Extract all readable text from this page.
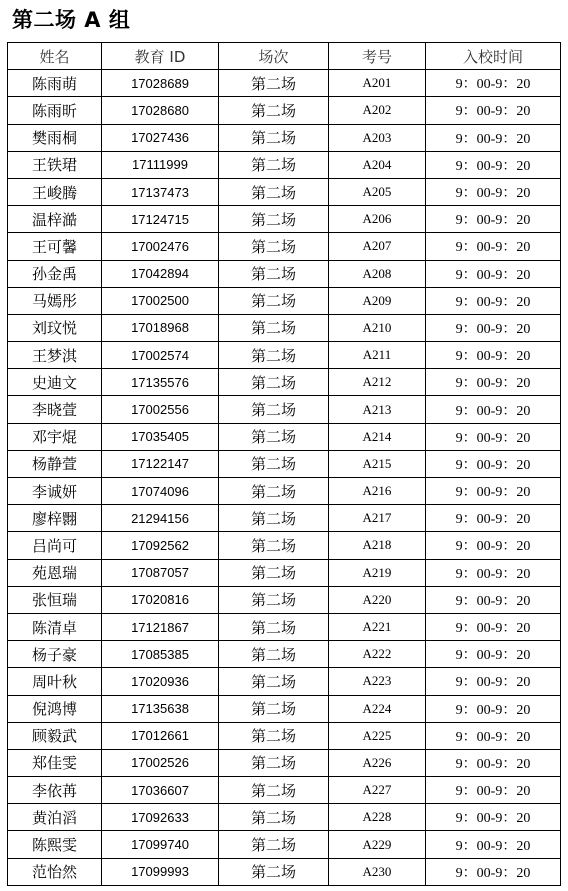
第二场 A 组
姓名	教育 ID	场次	考号	入校时间
陈雨萌	17028689	第二场	A201	9：00-9：20
陈雨昕	17028680	第二场	A202	9：00-9：20
樊雨桐	17027436	第二场	A203	9：00-9：20
王铁珺	17111999	第二场	A204	9：00-9：20
王峻腾	17137473	第二场	A205	9：00-9：20
温梓澔	17124715	第二场	A206	9：00-9：20
王可馨	17002476	第二场	A207	9：00-9：20
孙金禹	17042894	第二场	A208	9：00-9：20
马嫣彤	17002500	第二场	A209	9：00-9：20
刘玟悦	17018968	第二场	A210	9：00-9：20
王梦淇	17002574	第二场	A211	9：00-9：20
史迪文	17135576	第二场	A212	9：00-9：20
李晓萱	17002556	第二场	A213	9：00-9：20
邓宇焜	17035405	第二场	A214	9：00-9：20
杨静萱	17122147	第二场	A215	9：00-9：20
李诚妍	17074096	第二场	A216	9：00-9：20
廖梓翾	21294156	第二场	A217	9：00-9：20
吕尚可	17092562	第二场	A218	9：00-9：20
苑恩瑞	17087057	第二场	A219	9：00-9：20
张恒瑞	17020816	第二场	A220	9：00-9：20
陈清卓	17121867	第二场	A221	9：00-9：20
杨子豪	17085385	第二场	A222	9：00-9：20
周叶秋	17020936	第二场	A223	9：00-9：20
倪鸿博	17135638	第二场	A224	9：00-9：20
顾毅武	17012661	第二场	A225	9：00-9：20
郑佳雯	17002526	第二场	A226	9：00-9：20
李依苒	17036607	第二场	A227	9：00-9：20
黄泊滔	17092633	第二场	A228	9：00-9：20
陈熙雯	17099740	第二场	A229	9：00-9：20
范怡然	17099993	第二场	A230	9：00-9：20
